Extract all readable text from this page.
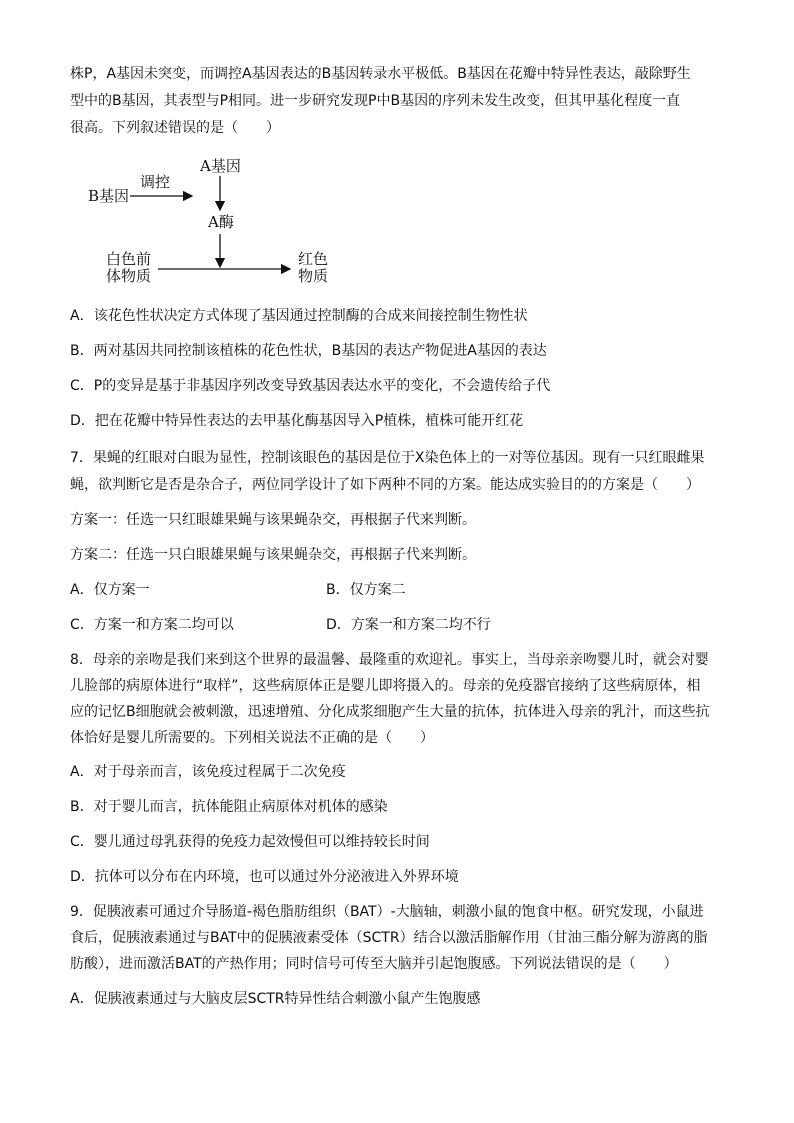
株P，A基因未突变，而调控A基因表达的B基因转录水平极低。B基因在花瓣中特异性表达，敲除野生
型中的B基因，其表型与P相同。进一步研究发现P中B基因的序列未发生改变，但其甲基化程度一直
很高。下列叙述错误的是（　　）
B基因
调控
A基因
A酶
白色前
体物质
红色
物质
A．该花色性状决定方式体现了基因通过控制酶的合成来间接控制生物性状
B．两对基因共同控制该植株的花色性状，B基因的表达产物促进A基因的表达
C．P的变异是基于非基因序列改变导致基因表达水平的变化，不会遗传给子代
D．把在花瓣中特异性表达的去甲基化酶基因导入P植株，植株可能开红花
7．果蝇的红眼对白眼为显性，控制该眼色的基因是位于X染色体上的一对等位基因。现有一只红眼雌果
蝇，欲判断它是否是杂合子，两位同学设计了如下两种不同的方案。能达成实验目的的方案是（　　）
方案一：任选一只红眼雄果蝇与该果蝇杂交，再根据子代来判断。
方案二：任选一只白眼雄果蝇与该果蝇杂交，再根据子代来判断。
A．仅方案一	B．仅方案二
C．方案一和方案二均可以	D．方案一和方案二均不行
8．母亲的亲吻是我们来到这个世界的最温馨、最隆重的欢迎礼。事实上，当母亲亲吻婴儿时，就会对婴
儿脸部的病原体进行“取样”，这些病原体正是婴儿即将摄入的。母亲的免疫器官接纳了这些病原体，相
应的记忆B细胞就会被刺激，迅速增殖、分化成浆细胞产生大量的抗体，抗体进入母亲的乳汁，而这些抗
体恰好是婴儿所需要的。下列相关说法不正确的是（　　）
A．对于母亲而言，该免疫过程属于二次免疫
B．对于婴儿而言，抗体能阻止病原体对机体的感染
C．婴儿通过母乳获得的免疫力起效慢但可以维持较长时间
D．抗体可以分布在内环境，也可以通过外分泌液进入外界环境
9．促胰液素可通过介导肠道-褐色脂肪组织（BAT）-大脑轴，刺激小鼠的饱食中枢。研究发现，小鼠进
食后，促胰液素通过与BAT中的促胰液素受体（SCTR）结合以激活脂解作用（甘油三酯分解为游离的脂
肪酸），进而激活BAT的产热作用；同时信号可传至大脑并引起饱腹感。下列说法错误的是（　　）
A．促胰液素通过与大脑皮层SCTR特异性结合刺激小鼠产生饱腹感
